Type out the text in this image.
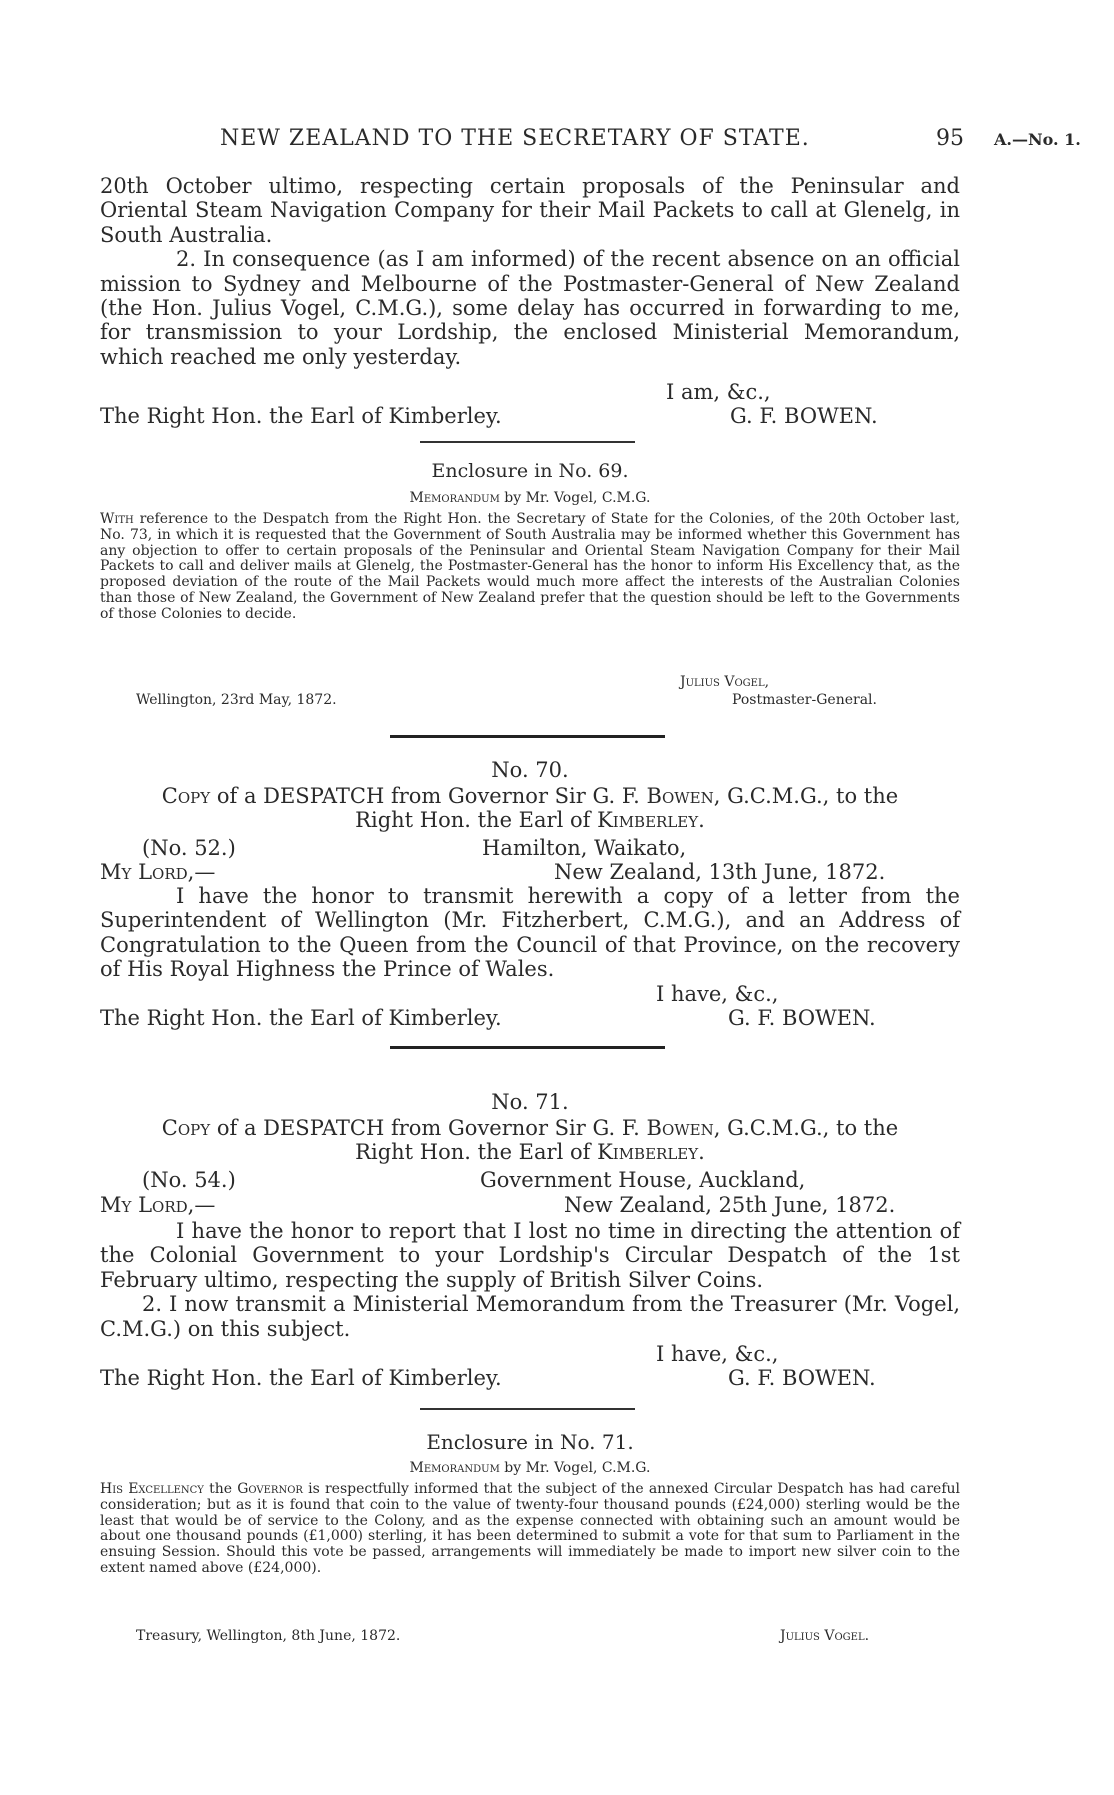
NEW ZEALAND TO THE SECRETARY OF STATE.	95 A.—No. 1.

20th October ultimo, respecting certain proposals of the Peninsular and Oriental Steam Navigation Company for their Mail Packets to call at Glenelg, in South Australia.

2. In consequence (as I am informed) of the recent absence on an official mission to Sydney and Melbourne of the Postmaster-General of New Zealand (the Hon. Julius Vogel, C.M.G.), some delay has occurred in forwarding to me, for transmission to your Lordship, the enclosed Ministerial Memorandum, which reached me only yesterday.

I am, &c.,
The Right Hon. the Earl of Kimberley.	G. F. BOWEN.
Enclosure in No. 69.
Memorandum by Mr. Vogel, C.M.G.

With reference to the Despatch from the Right Hon. the Secretary of State for the Colonies, of the 20th October last, No. 73, in which it is requested that the Government of South Australia may be informed whether this Government has any objection to offer to certain proposals of the Peninsular and Oriental Steam Navigation Company for their Mail Packets to call and deliver mails at Glenelg, the Postmaster-General has the honor to inform His Excellency that, as the proposed deviation of the route of the Mail Packets would much more affect the interests of the Australian Colonies than those of New Zealand, the Government of New Zealand prefer that the question should be left to the Governments of those Colonies to decide.

Julius Vogel,
Wellington, 23rd May, 1872.	Postmaster-General.
No. 70.
Copy of a DESPATCH from Governor Sir G. F. Bowen, G.C.M.G., to the
Right Hon. the Earl of Kimberley.
(No. 52.)	Hamilton, Waikato,
My Lord,—	New Zealand, 13th June, 1872.

I have the honor to transmit herewith a copy of a letter from the Superintendent of Wellington (Mr. Fitzherbert, C.M.G.), and an Address of Congratulation to the Queen from the Council of that Province, on the recovery of His Royal Highness the Prince of Wales.

I have, &c.,
The Right Hon. the Earl of Kimberley.	G. F. BOWEN.
No. 71.
Copy of a DESPATCH from Governor Sir G. F. Bowen, G.C.M.G., to the
Right Hon. the Earl of Kimberley.
(No. 54.)	Government House, Auckland,
My Lord,—	New Zealand, 25th June, 1872.

I have the honor to report that I lost no time in directing the attention of the Colonial Government to your Lordship's Circular Despatch of the 1st February ultimo, respecting the supply of British Silver Coins.

2. I now transmit a Ministerial Memorandum from the Treasurer (Mr. Vogel, C.M.G.) on this subject.

I have, &c.,
The Right Hon. the Earl of Kimberley.	G. F. BOWEN.
Enclosure in No. 71.
Memorandum by Mr. Vogel, C.M.G.

His Excellency the Governor is respectfully informed that the subject of the annexed Circular Despatch has had careful consideration; but as it is found that coin to the value of twenty-four thousand pounds (£24,000) sterling would be the least that would be of service to the Colony, and as the expense connected with obtaining such an amount would be about one thousand pounds (£1,000) sterling, it has been determined to submit a vote for that sum to Parliament in the ensuing Session. Should this vote be passed, arrangements will immediately be made to import new silver coin to the extent named above (£24,000).

Treasury, Wellington, 8th June, 1872.	Julius Vogel.
